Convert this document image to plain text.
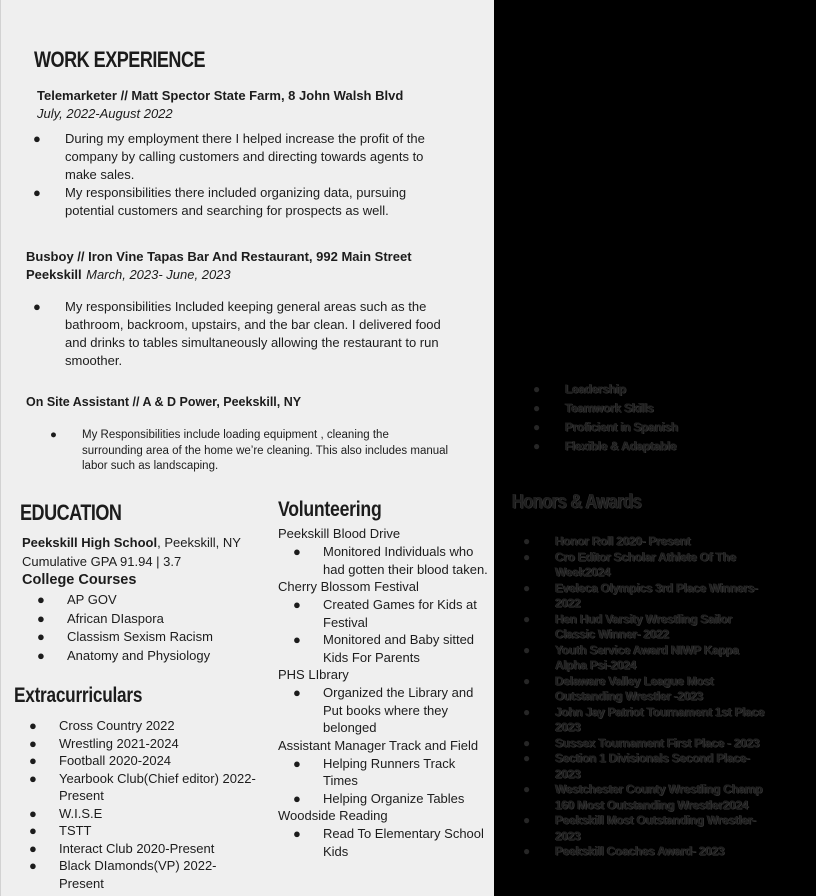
WORK EXPERIENCE
Telemarketer // Matt Spector State Farm, 8 John Walsh Blvd
July, 2022-August 2022
● During my employment there I helped increase the profit of the company by calling customers and directing towards agents to make sales.
● My responsibilities there included organizing data, pursuing potential customers and searching for prospects as well.
Busboy // Iron Vine Tapas Bar And Restaurant, 992 Main Street
Peekskill March, 2023- June, 2023
● My responsibilities Included keeping general areas such as the bathroom, backroom, upstairs, and the bar clean. I delivered food and drinks to tables simultaneously allowing the restaurant to run smoother.
On Site Assistant // A & D Power, Peekskill, NY
● My Responsibilities include loading equipment , cleaning the surrounding area of the home we’re cleaning. This also includes manual labor such as landscaping.
EDUCATION
Peekskill High School, Peekskill, NY
Cumulative GPA 91.94 | 3.7
College Courses
● AP GOV
● African DIaspora
● Classism Sexism Racism
● Anatomy and Physiology
Extracurriculars
● Cross Country 2022
● Wrestling 2021-2024
● Football 2020-2024
● Yearbook Club(Chief editor) 2022-Present
● W.I.S.E
● TSTT
● Interact Club 2020-Present
● Black DIamonds(VP) 2022-Present
Volunteering
Peekskill Blood Drive
● Monitored Individuals who had gotten their blood taken.
Cherry Blossom Festival
● Created Games for Kids at Festival
● Monitored and Baby sitted Kids For Parents
PHS LIbrary
● Organized the Library and Put books where they belonged
Assistant Manager Track and Field
● Helping Runners Track Times
● Helping Organize Tables
Woodside Reading
● Read To Elementary School Kids
● Leadership
● Teamwork Skills
● Proficient in Spanish
● Flexible & Adaptable
Honors & Awards
● Honor Roll 2020- Present
● Cro Editor Scholar Athlete Of The Week2024
● Eveleca Olympics 3rd Place Winners- 2022
● Hen Hud Varsity Wrestling Sailor Classic Winner- 2022
● Youth Service Award NIWP Kappa Alpha Psi-2024
● Delaware Valley League Most Outstanding Wrestler -2023
● John Jay Patriot Tournament 1st Place 2023
● Sussex Tournament First Place - 2023
● Section 1 Divisionals Second Place- 2023
● Westchester County Wrestling Champ 160 Most Outstanding Wrestler2024
● Peekskill Most Outstanding Wrestler- 2023
● Peekskill Coaches Award- 2023
